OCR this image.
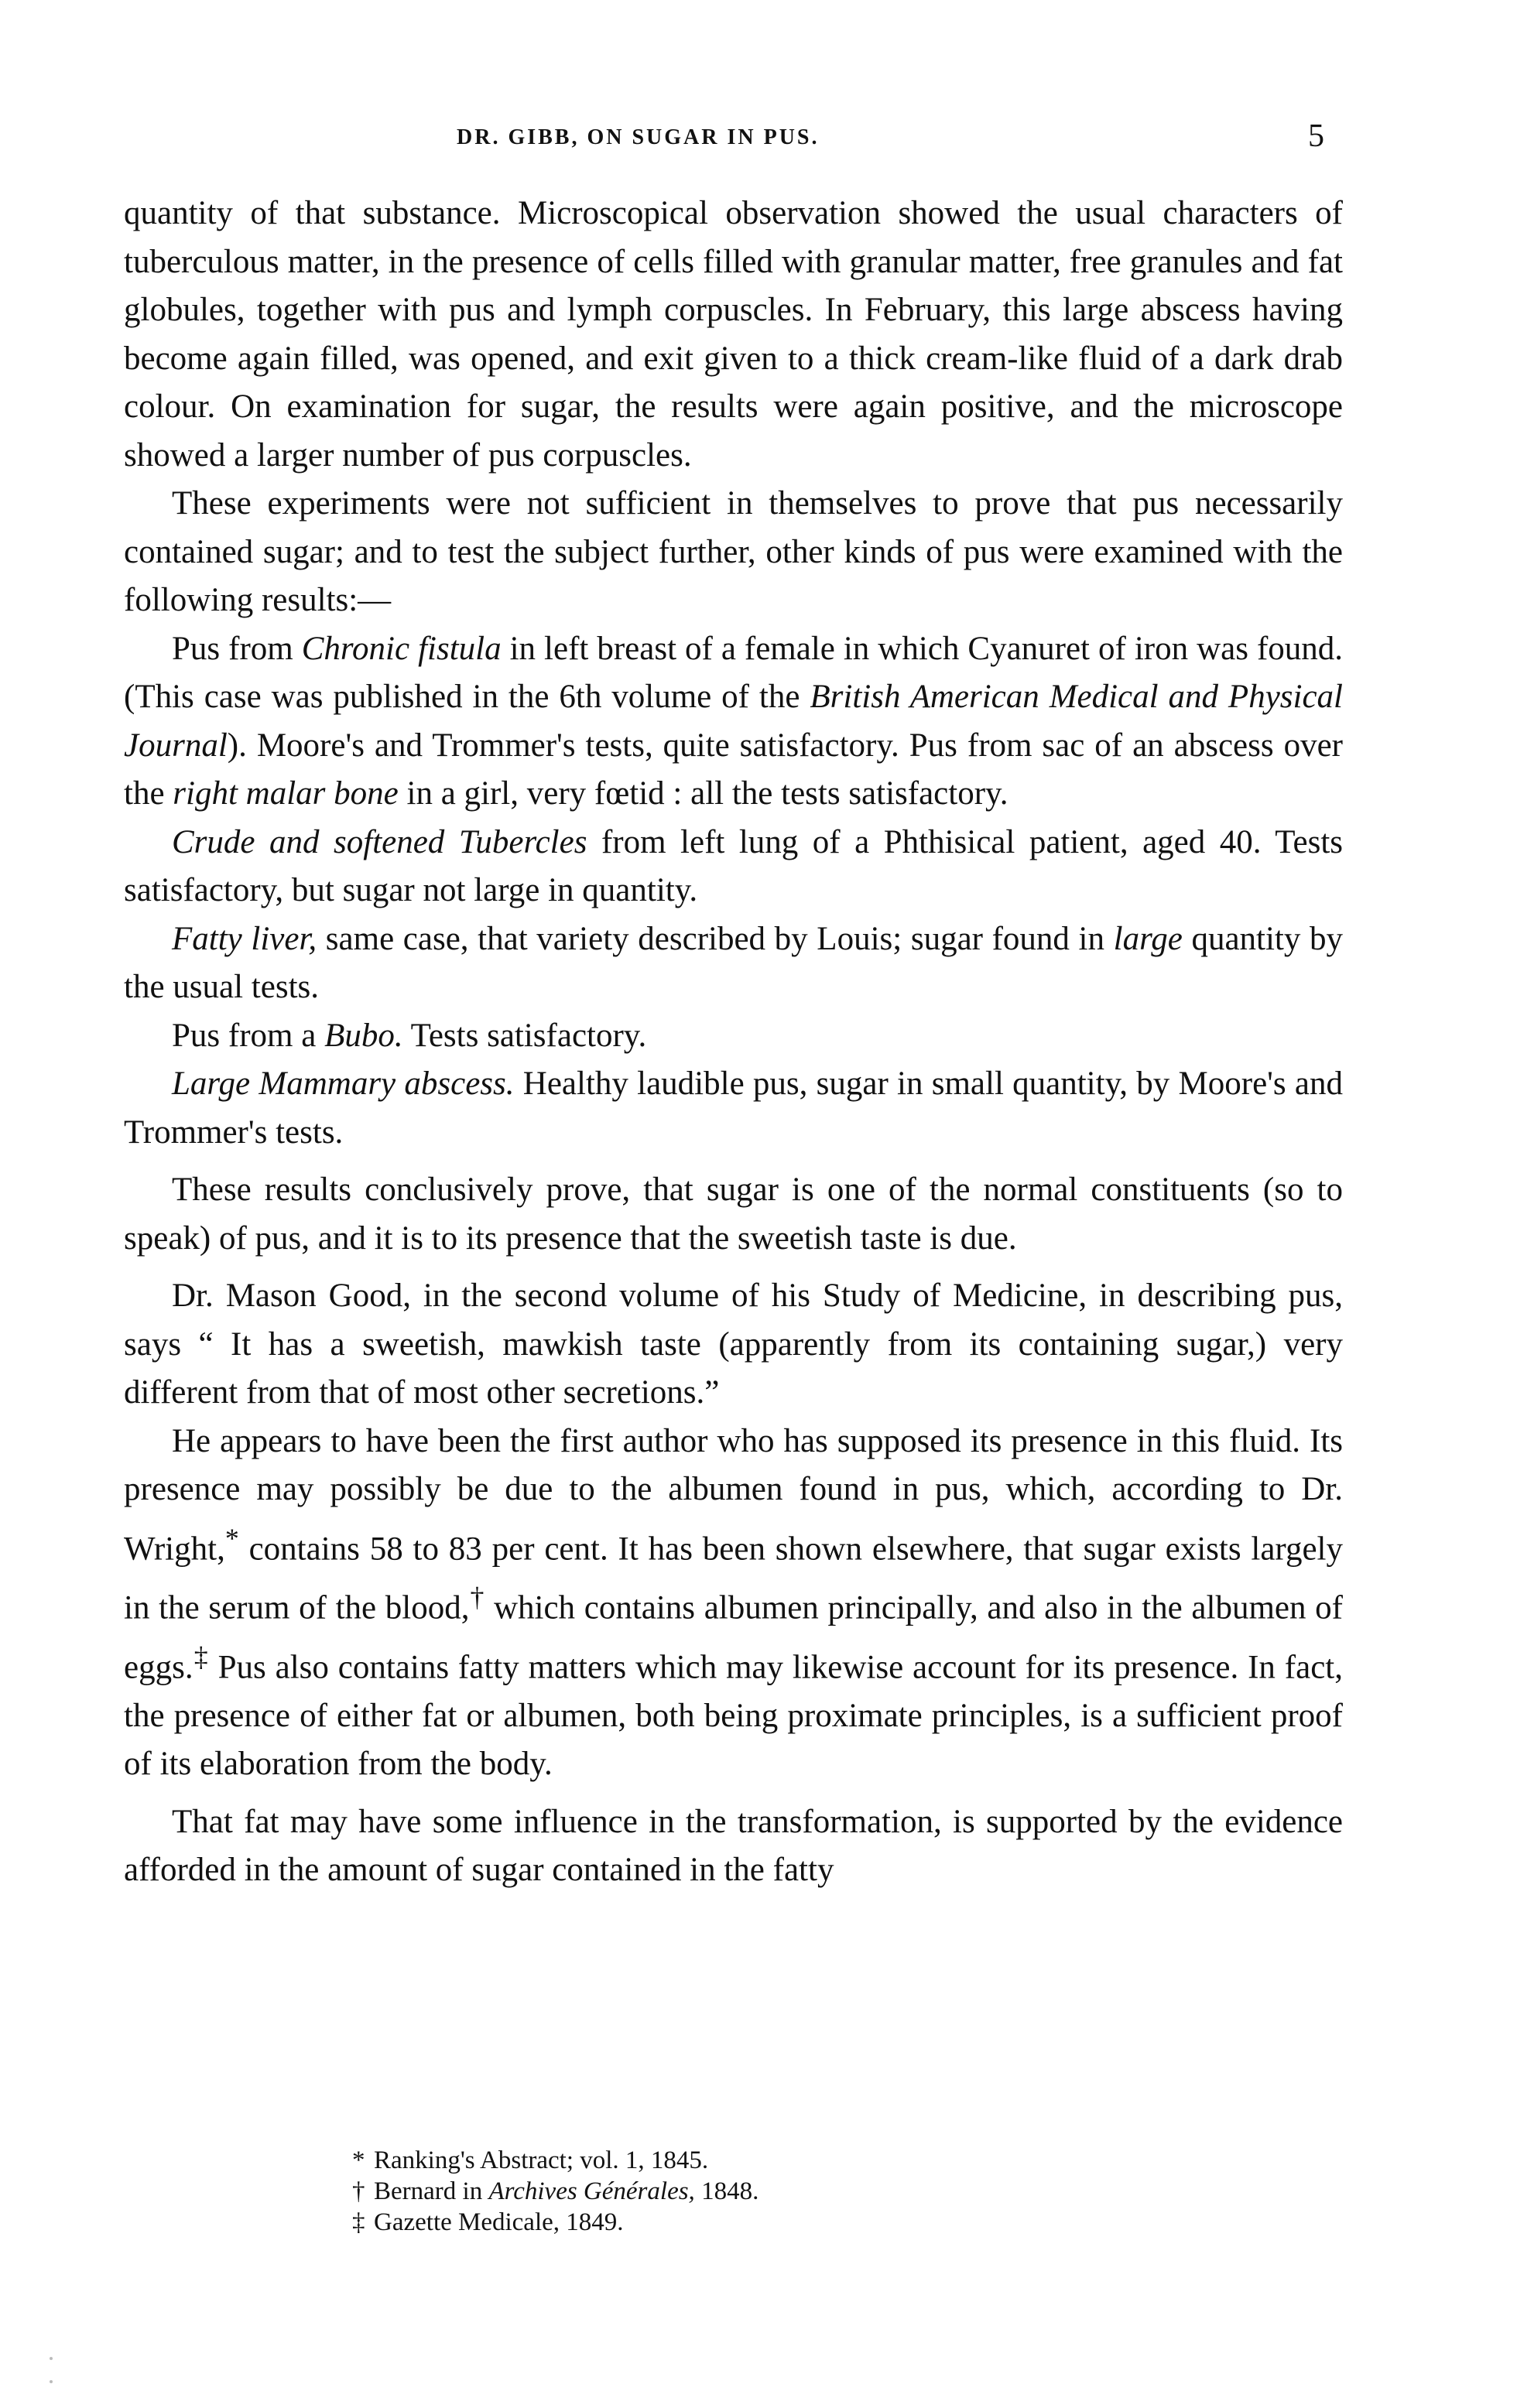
DR. GIBB, ON SUGAR IN PUS.	5

quantity of that substance. Microscopical observation showed the usual characters of tuberculous matter, in the presence of cells filled with granular matter, free granules and fat globules, together with pus and lymph corpuscles. In February, this large abscess having become again filled, was opened, and exit given to a thick cream-like fluid of a dark drab colour. On examination for sugar, the results were again positive, and the microscope showed a larger number of pus corpuscles.

These experiments were not sufficient in themselves to prove that pus necessarily contained sugar; and to test the subject further, other kinds of pus were examined with the following results:—

Pus from Chronic fistula in left breast of a female in which Cyanuret of iron was found. (This case was published in the 6th volume of the British American Medical and Physical Journal). Moore's and Trommer's tests, quite satisfactory. Pus from sac of an abscess over the right malar bone in a girl, very fœtid : all the tests satisfactory.

Crude and softened Tubercles from left lung of a Phthisical patient, aged 40. Tests satisfactory, but sugar not large in quantity.

Fatty liver, same case, that variety described by Louis; sugar found in large quantity by the usual tests.

Pus from a Bubo. Tests satisfactory.

Large Mammary abscess. Healthy laudible pus, sugar in small quantity, by Moore's and Trommer's tests.

These results conclusively prove, that sugar is one of the normal constituents (so to speak) of pus, and it is to its presence that the sweetish taste is due.

Dr. Mason Good, in the second volume of his Study of Medicine, in describing pus, says “ It has a sweetish, mawkish taste (apparently from its containing sugar,) very different from that of most other secretions.”

He appears to have been the first author who has supposed its presence in this fluid. Its presence may possibly be due to the albumen found in pus, which, according to Dr. Wright,* contains 58 to 83 per cent. It has been shown elsewhere, that sugar exists largely in the serum of the blood,† which contains albumen principally, and also in the albumen of eggs.‡ Pus also contains fatty matters which may likewise account for its presence. In fact, the presence of either fat or albumen, both being proximate principles, is a sufficient proof of its elaboration from the body.

That fat may have some influence in the transformation, is supported by the evidence afforded in the amount of sugar contained in the fatty

* Ranking's Abstract; vol. 1, 1845.
† Bernard in Archives Générales, 1848.
‡ Gazette Medicale, 1849.
